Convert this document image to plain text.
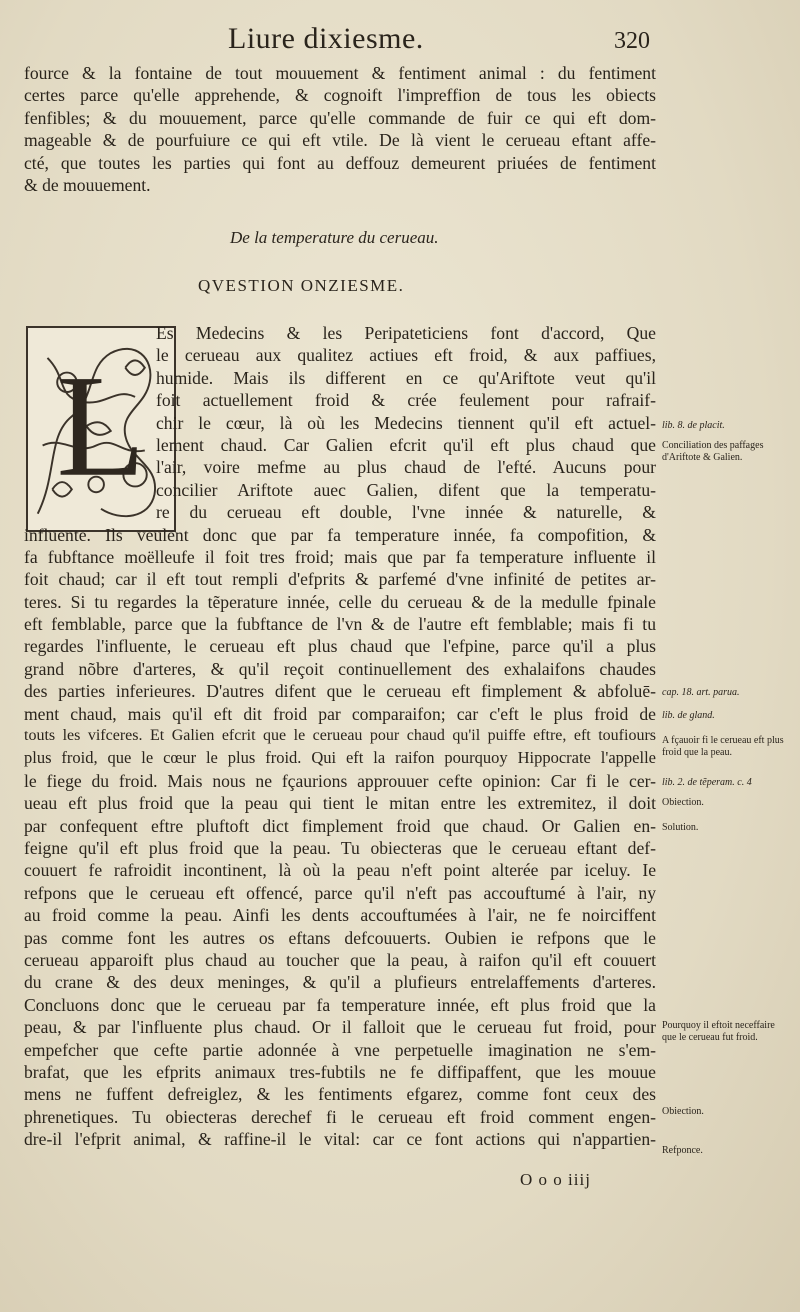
Liure dixiesme.	320
fource & la fontaine de tout mouuement & fentiment animal : du fentiment
certes parce qu'elle apprehende, & cognoift l'impreffion de tous les obiects
fenfibles; & du mouuement, parce qu'elle commande de fuir ce qui eft dom-
mageable & de pourfuiure ce qui eft vtile. De là vient le cerueau eftant affe-
cté, que toutes les parties qui font au deffouz demeurent priuées de fentiment
& de mouuement.
De la temperature du cerueau.
QVESTION ONZIESME.
L
Es Medecins & les Peripateticiens font d'accord, Que
le cerueau aux qualitez actiues eft froid, & aux paffiues,
humide. Mais ils different en ce qu'Ariftote veut qu'il
foit actuellement froid & crée feulement pour rafraif-
chir le cœur, là où les Medecins tiennent qu'il eft actuel-
lement chaud. Car Galien efcrit qu'il eft plus chaud que
l'air, voire mefme au plus chaud de l'efté. Aucuns pour
concilier Ariftote auec Galien, difent que la temperatu-
re du cerueau eft double, l'vne innée & naturelle, &
influente. Ils veulent donc que par fa temperature innée, fa compofition, &
fa fubftance moëlleufe il foit tres froid; mais que par fa temperature influente il
foit chaud; car il eft tout rempli d'efprits & parfemé d'vne infinité de petites ar-
teres. Si tu regardes la tẽperature innée, celle du cerueau & de la medulle fpinale
eft femblable, parce que la fubftance de l'vn & de l'autre eft femblable; mais fi tu
regardes l'influente, le cerueau eft plus chaud que l'efpine, parce qu'il a plus
grand nõbre d'arteres, & qu'il reçoit continuellement des exhalaifons chaudes
des parties inferieures. D'autres difent que le cerueau eft fimplement & abfoluē-
ment chaud, mais qu'il eft dit froid par comparaifon; car c'eft le plus froid de
touts les vifceres. Et Galien efcrit que le cerueau pour chaud qu'il puiffe eftre, eft toufiours
plus froid, que le cœur le plus froid. Qui eft la raifon pourquoy Hippocrate l'appelle
le fiege du froid. Mais nous ne fçaurions approuuer cefte opinion: Car fi le cer-
ueau eft plus froid que la peau qui tient le mitan entre les extremitez, il doit
par confequent eftre pluftoft dict fimplement froid que chaud. Or Galien en-
feigne qu'il eft plus froid que la peau. Tu obiecteras que le cerueau eftant def-
couuert fe rafroidit incontinent, là où la peau n'eft point alterée par iceluy. Ie
refpons que le cerueau eft offencé, parce qu'il n'eft pas accouftumé à l'air, ny
au froid comme la peau. Ainfi les dents accouftumées à l'air, ne fe noirciffent
pas comme font les autres os eftans defcouuerts. Oubien ie refpons que le
cerueau apparoift plus chaud au toucher que la peau, à raifon qu'il eft couuert
du crane & des deux meninges, & qu'il a plufieurs entrelaffements d'arteres.
Concluons donc que le cerueau par fa temperature innée, eft plus froid que la
peau, & par l'influente plus chaud. Or il falloit que le cerueau fut froid, pour
empefcher que cefte partie adonnée à vne perpetuelle imagination ne s'em-
brafat, que les efprits animaux tres-fubtils ne fe diffipaffent, que les mouue
mens ne fuffent defreiglez, & les fentiments efgarez, comme font ceux des
phrenetiques. Tu obiecteras derechef fi le cerueau eft froid comment engen-
dre-il l'efprit animal, & raffine-il le vital: car ce font actions qui n'appartien-
lib. 8. de placit.
Conciliation des paffages d'Ariftote & Galien.
cap. 18. art. parua.
lib. de gland.
A fçauoir fi le cerueau eft plus froid que la peau.
lib. 2. de tẽperam. c. 4
Obiection.
Solution.
Pourquoy il eftoit neceffaire que le cerueau fut froid.
Obiection.
Refponce.
O o o iiij
